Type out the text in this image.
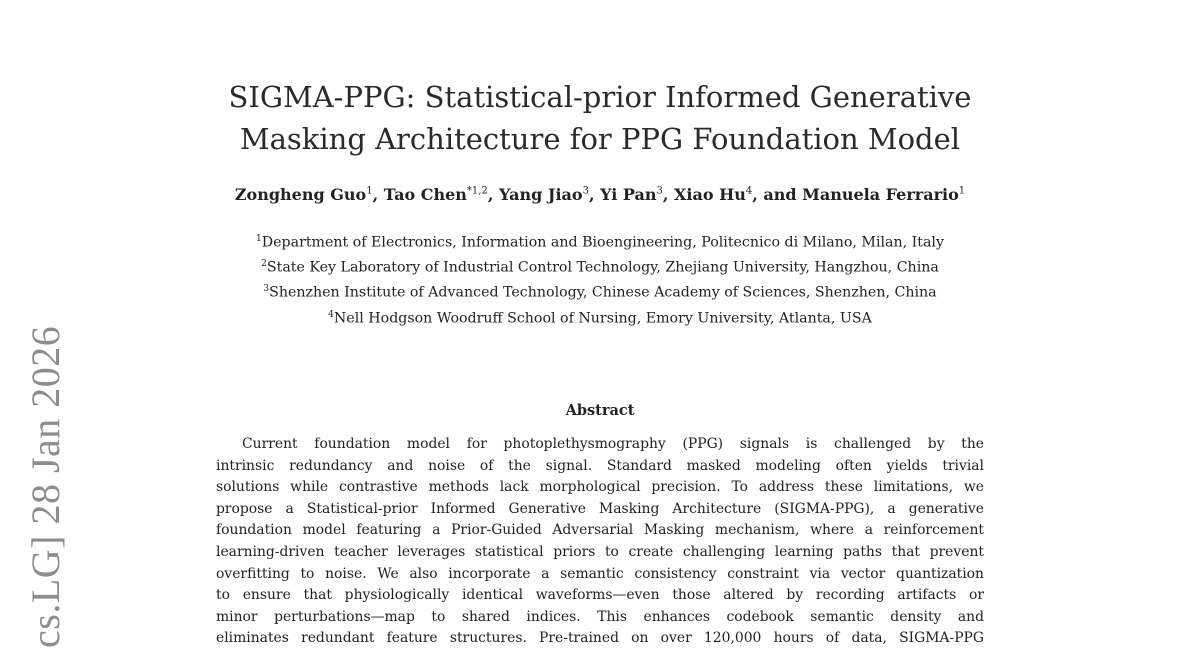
cs.LG] 28 Jan 2026
SIGMA-PPG: Statistical-prior Informed Generative
Masking Architecture for PPG Foundation Model
Zongheng Guo$^1$, Tao Chen$^{*1,2}$, Yang Jiao$^3$, Yi Pan$^3$, Xiao Hu$^4$, and Manuela Ferrario$^1$
$^1$Department of Electronics, Information and Bioengineering, Politecnico di Milano, Milan, Italy
$^2$State Key Laboratory of Industrial Control Technology, Zhejiang University, Hangzhou, China
$^3$Shenzhen Institute of Advanced Technology, Chinese Academy of Sciences, Shenzhen, China
$^4$Nell Hodgson Woodruff School of Nursing, Emory University, Atlanta, USA
Abstract
Current foundation model for photoplethysmography (PPG) signals is challenged by the
intrinsic redundancy and noise of the signal. Standard masked modeling often yields trivial
solutions while contrastive methods lack morphological precision. To address these limitations, we
propose a Statistical-prior Informed Generative Masking Architecture (SIGMA-PPG), a generative
foundation model featuring a Prior-Guided Adversarial Masking mechanism, where a reinforcement
learning-driven teacher leverages statistical priors to create challenging learning paths that prevent
overfitting to noise. We also incorporate a semantic consistency constraint via vector quantization
to ensure that physiologically identical waveforms—even those altered by recording artifacts or
minor perturbations—map to shared indices. This enhances codebook semantic density and
eliminates redundant feature structures. Pre-trained on over 120,000 hours of data, SIGMA-PPG
